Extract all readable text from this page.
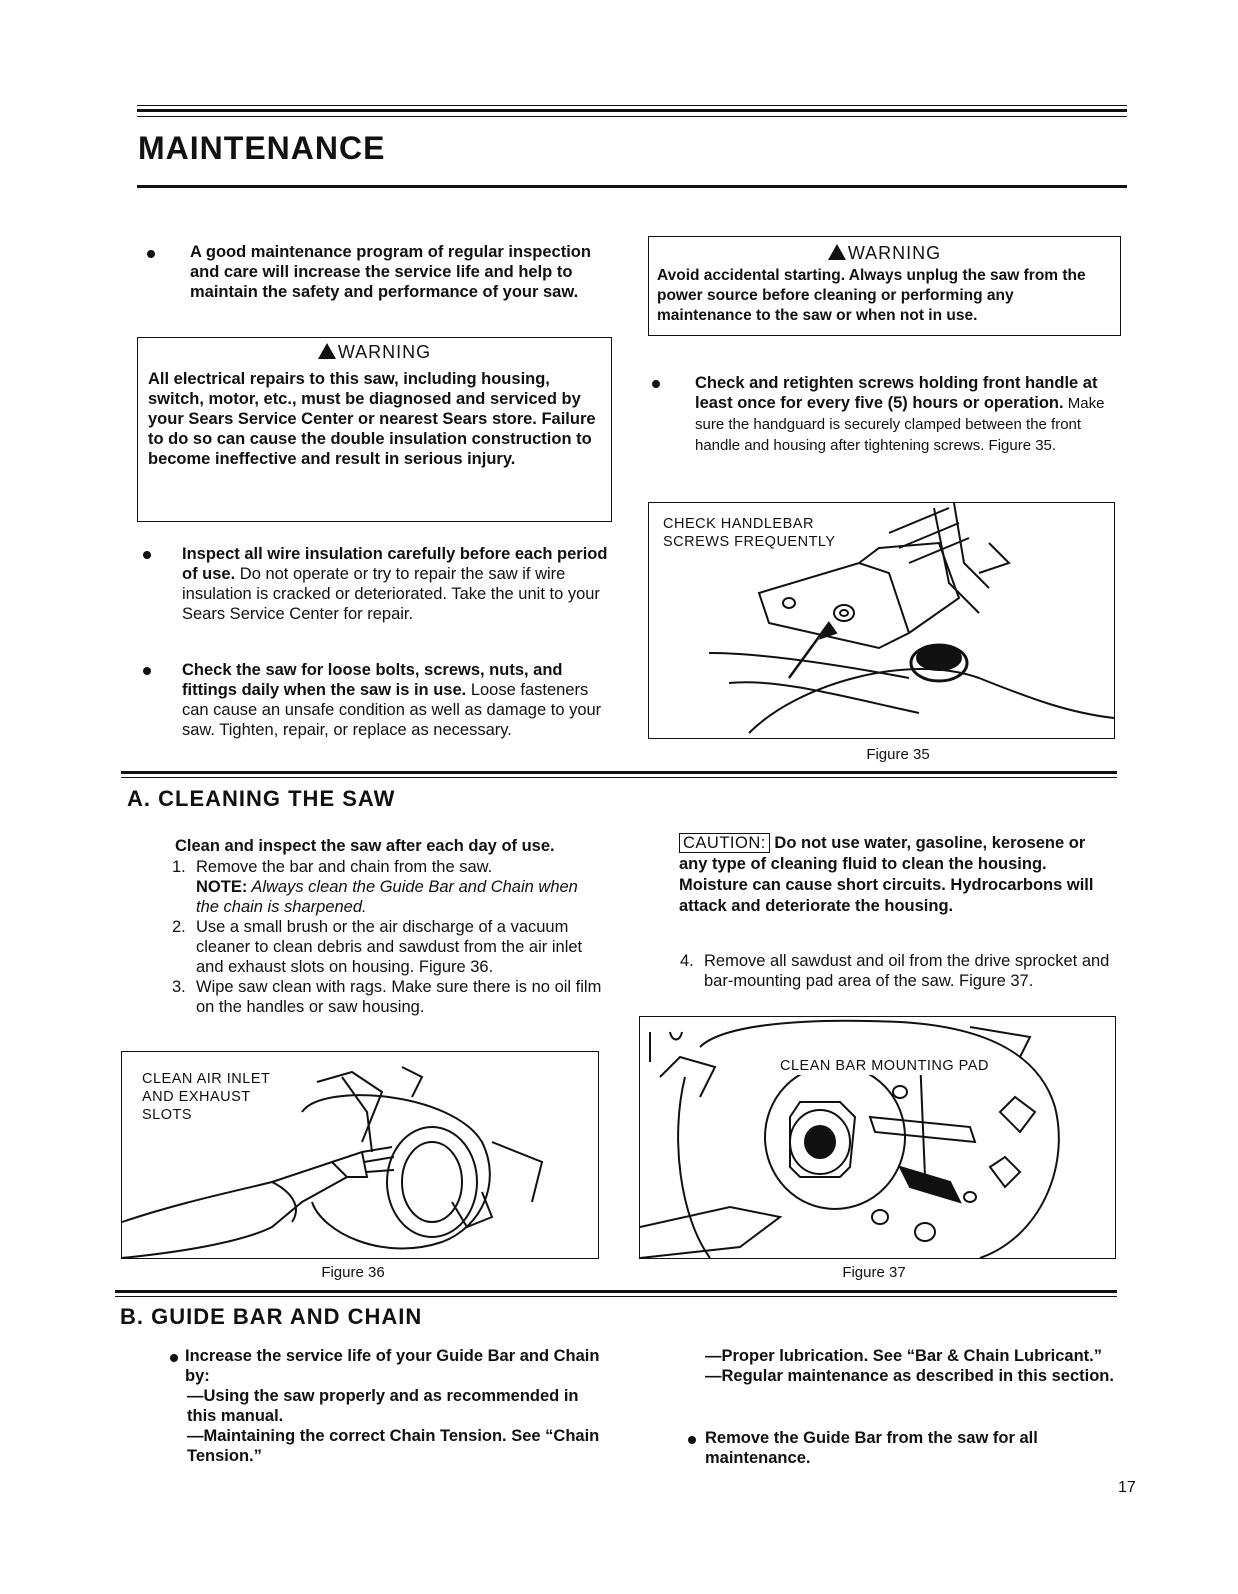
MAINTENANCE
A good maintenance program of regular inspection and care will increase the service life and help to maintain the safety and performance of your saw.
WARNING
All electrical repairs to this saw, including housing, switch, motor, etc., must be diagnosed and serviced by your Sears Service Center or nearest Sears store. Failure to do so can cause the double insulation construction to become ineffective and result in serious injury.
Inspect all wire insulation carefully before each period of use. Do not operate or try to repair the saw if wire insulation is cracked or deteriorated. Take the unit to your Sears Service Center for repair.
Check the saw for loose bolts, screws, nuts, and fittings daily when the saw is in use. Loose fasteners can cause an unsafe condition as well as damage to your saw. Tighten, repair, or replace as necessary.
WARNING
Avoid accidental starting. Always unplug the saw from the power source before cleaning or performing any maintenance to the saw or when not in use.
Check and retighten screws holding front handle at least once for every five (5) hours or operation. Make sure the handguard is securely clamped between the front handle and housing after tightening screws. Figure 35.
CHECK HANDLEBAR
SCREWS FREQUENTLY
Figure 35
A. CLEANING THE SAW
Clean and inspect the saw after each day of use.
1. Remove the bar and chain from the saw.
NOTE: Always clean the Guide Bar and Chain when the chain is sharpened.
2. Use a small brush or the air discharge of a vacuum cleaner to clean debris and sawdust from the air inlet and exhaust slots on housing. Figure 36.
3. Wipe saw clean with rags. Make sure there is no oil film on the handles or saw housing.
CLEAN AIR INLET
AND EXHAUST
SLOTS
Figure 36
CAUTION: Do not use water, gasoline, kerosene or any type of cleaning fluid to clean the housing. Moisture can cause short circuits. Hydrocarbons will attack and deteriorate the housing.
4. Remove all sawdust and oil from the drive sprocket and bar-mounting pad area of the saw. Figure 37.
CLEAN BAR MOUNTING PAD
Figure 37
B. GUIDE BAR AND CHAIN
Increase the service life of your Guide Bar and Chain by:
—Using the saw properly and as recommended in this manual.
—Maintaining the correct Chain Tension. See “Chain Tension.”
—Proper lubrication. See “Bar & Chain Lubricant.”
—Regular maintenance as described in this section.
Remove the Guide Bar from the saw for all maintenance.
17
